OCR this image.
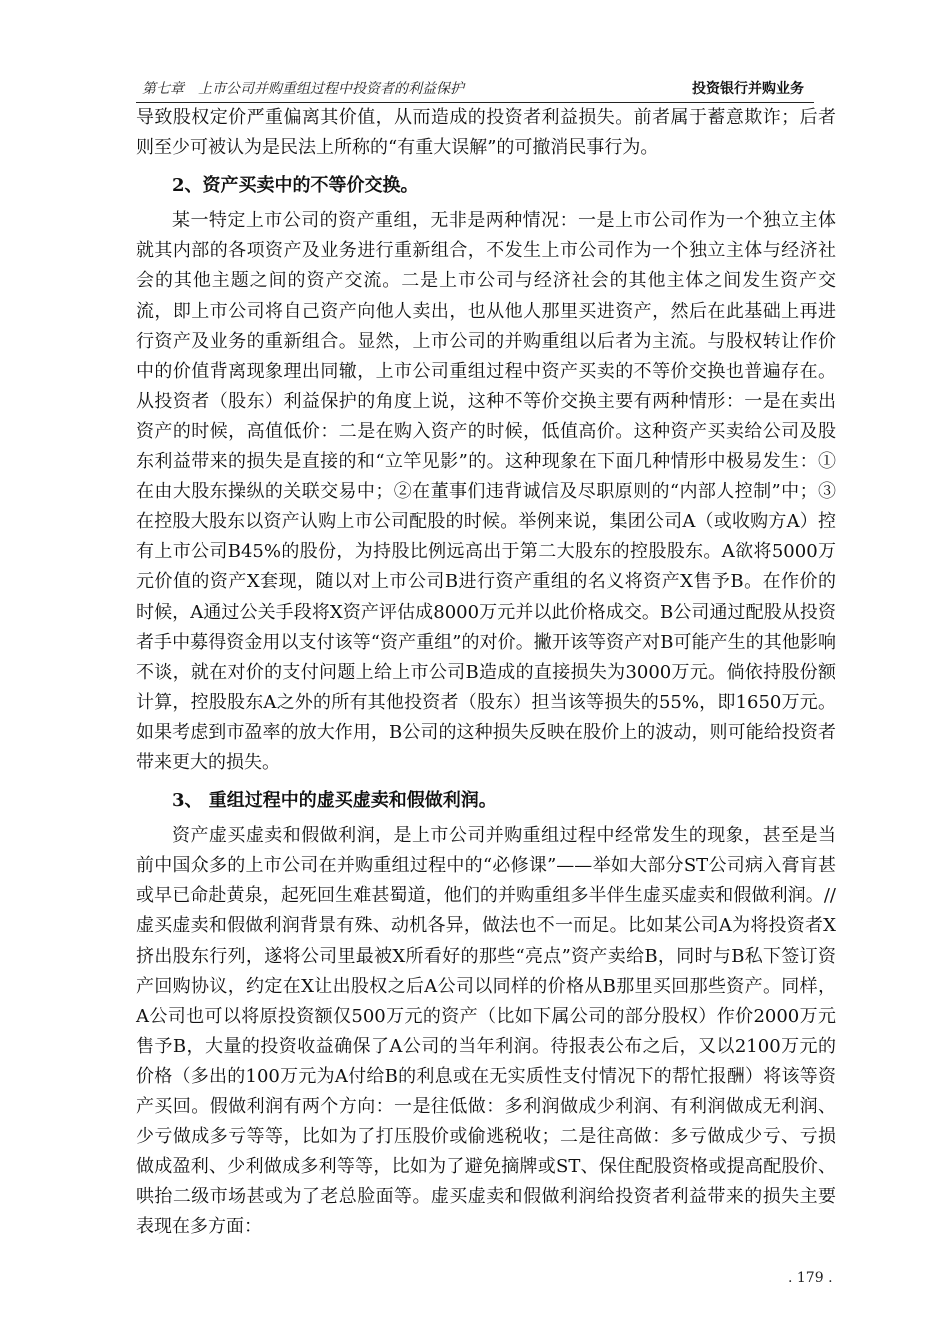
第七章　上市公司并购重组过程中投资者的利益保护	投资银行并购业务

导致股权定价严重偏离其价值，从而造成的投资者利益损失。前者属于蓄意欺诈；后者则至少可被认为是民法上所称的“有重大误解”的可撤消民事行为。

2、资产买卖中的不等价交换。

某一特定上市公司的资产重组，无非是两种情况：一是上市公司作为一个独立主体就其内部的各项资产及业务进行重新组合，不发生上市公司作为一个独立主体与经济社会的其他主题之间的资产交流。二是上市公司与经济社会的其他主体之间发生资产交流，即上市公司将自己资产向他人卖出，也从他人那里买进资产，然后在此基础上再进行资产及业务的重新组合。显然，上市公司的并购重组以后者为主流。与股权转让作价中的价值背离现象理出同辙，上市公司重组过程中资产买卖的不等价交换也普遍存在。从投资者（股东）利益保护的角度上说，这种不等价交换主要有两种情形：一是在卖出资产的时候，高值低价：二是在购入资产的时候，低值高价。这种资产买卖给公司及股东利益带来的损失是直接的和“立竿见影”的。这种现象在下面几种情形中极易发生：①在由大股东操纵的关联交易中；②在董事们违背诚信及尽职原则的“内部人控制”中；③在控股大股东以资产认购上市公司配股的时候。举例来说，集团公司A（或收购方A）控有上市公司B45%的股份，为持股比例远高出于第二大股东的控股股东。A欲将5000万元价值的资产X套现，随以对上市公司B进行资产重组的名义将资产X售予B。在作价的时候，A通过公关手段将X资产评估成8000万元并以此价格成交。B公司通过配股从投资者手中募得资金用以支付该等“资产重组”的对价。撇开该等资产对B可能产生的其他影响不谈，就在对价的支付问题上给上市公司B造成的直接损失为3000万元。倘依持股份额计算，控股股东A之外的所有其他投资者（股东）担当该等损失的55%，即1650万元。如果考虑到市盈率的放大作用，B公司的这种损失反映在股价上的波动，则可能给投资者带来更大的损失。

3、 重组过程中的虚买虚卖和假做利润。

资产虚买虚卖和假做利润，是上市公司并购重组过程中经常发生的现象，甚至是当前中国众多的上市公司在并购重组过程中的“必修课”——举如大部分ST公司病入膏肓甚或早已命赴黄泉，起死回生难甚蜀道，他们的并购重组多半伴生虚买虚卖和假做利润。//虚买虚卖和假做利润背景有殊、动机各异，做法也不一而足。比如某公司A为将投资者X挤出股东行列，遂将公司里最被X所看好的那些“亮点”资产卖给B，同时与B私下签订资产回购协议，约定在X让出股权之后A公司以同样的价格从B那里买回那些资产。同样，A公司也可以将原投资额仅500万元的资产（比如下属公司的部分股权）作价2000万元售予B，大量的投资收益确保了A公司的当年利润。待报表公布之后，又以2100万元的价格（多出的100万元为A付给B的利息或在无实质性支付情况下的帮忙报酬）将该等资产买回。假做利润有两个方向：一是往低做：多利润做成少利润、有利润做成无利润、少亏做成多亏等等，比如为了打压股价或偷逃税收；二是往高做：多亏做成少亏、亏损做成盈利、少利做成多利等等，比如为了避免摘牌或ST、保住配股资格或提高配股价、哄抬二级市场甚或为了老总脸面等。虚买虚卖和假做利润给投资者利益带来的损失主要表现在多方面：

. 179 .
